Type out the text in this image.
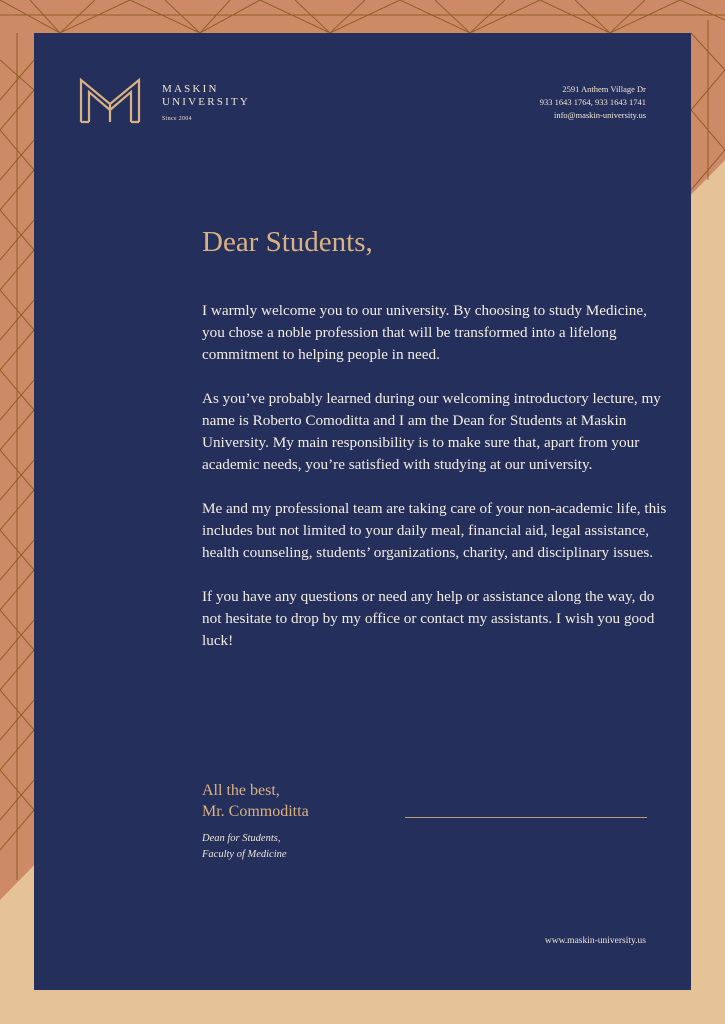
MASKIN
UNIVERSITY
Since 2004
2591 Anthem Village Dr
933 1643 1764, 933 1643 1741
info@maskin-university.us
Dear Students,

I warmly welcome you to our university. By choosing to study Medicine, you chose a noble profession that will be transformed into a lifelong commitment to helping people in need.

As you’ve probably learned during our welcoming introductory lecture, my name is Roberto Comoditta and I am the Dean for Students at Maskin University. My main responsibility is to make sure that, apart from your academic needs, you’re satisfied with studying at our university.

Me and my professional team are taking care of your non-academic life, this includes but not limited to your daily meal, financial aid, legal assistance, health counseling, students’ organizations, charity, and disciplinary issues.

If you have any questions or need any help or assistance along the way, do not hesitate to drop by my office or contact my assistants. I wish you good luck!

All the best,
Mr. Commoditta
Dean for Students,
Faculty of Medicine
www.maskin-university.us
